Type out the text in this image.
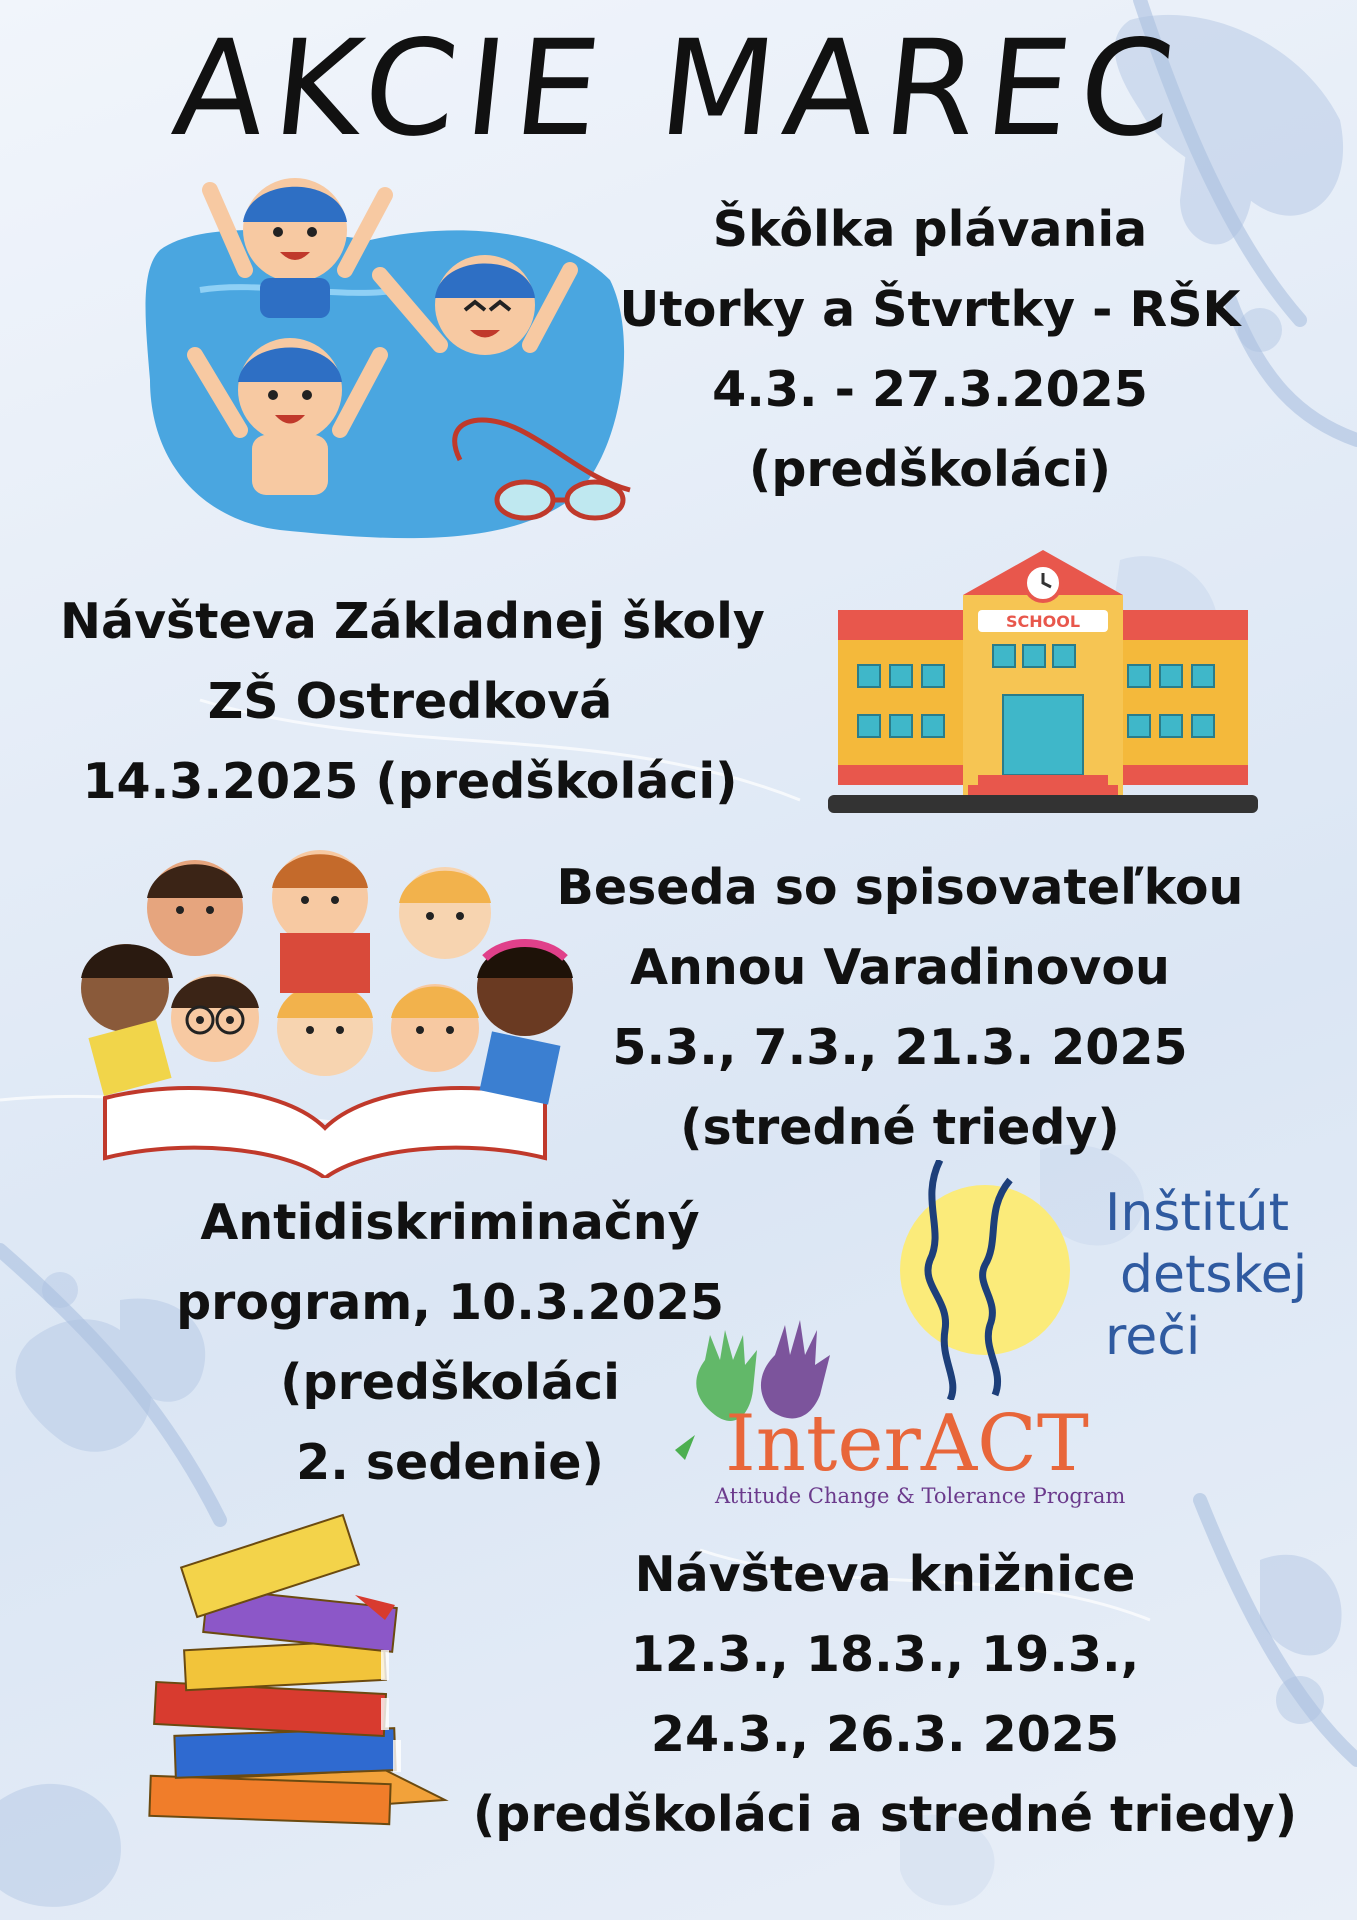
AKCIE MAREC
Škôlka plávania
Utorky a Štvrtky - RŠK
4.3. - 27.3.2025
(predškoláci)
Návšteva Základnej školy
ZŠ Ostredková
14.3.2025 (predškoláci)
SCHOOL
Beseda so spisovateľkou
Annou Varadinovou
5.3., 7.3., 21.3. 2025
(stredné triedy)
Antidiskriminačný
program, 10.3.2025
(predškoláci
2. sedenie)
Inštitút
detskej
reči
InterACT
Attitude Change & Tolerance Program
Návšteva knižnice
12.3., 18.3., 19.3.,
24.3., 26.3. 2025
(predškoláci a stredné triedy)
